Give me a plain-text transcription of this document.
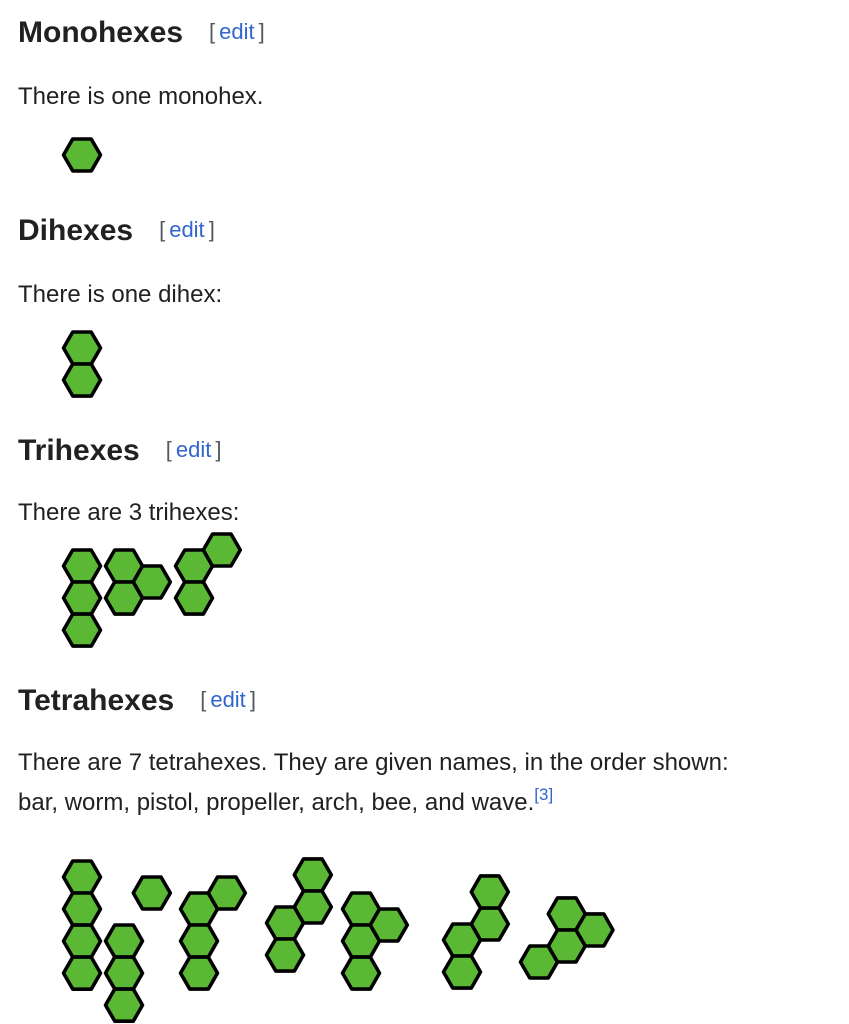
Monohexes [ edit ]

There is one monohex.

Dihexes [ edit ]

There is one dihex:

Trihexes [ edit ]

There are 3 trihexes:

Tetrahexes [ edit ]

There are 7 tetrahexes. They are given names, in the order shown:

bar, worm, pistol, propeller, arch, bee, and wave.[3]
